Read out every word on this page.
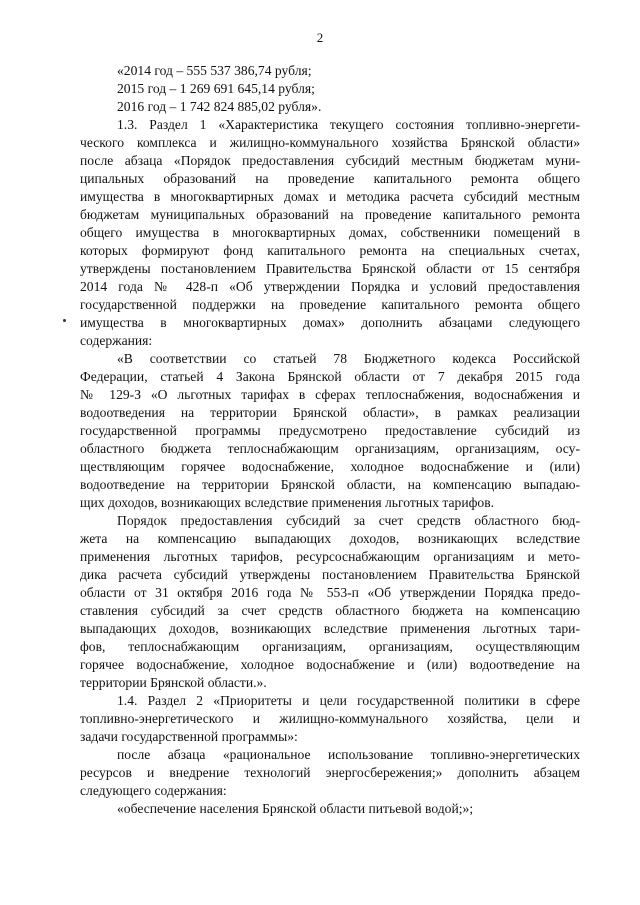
2
«2014 год – 555 537 386,74 рубля;
2015 год – 1 269 691 645,14 рубля;
2016 год – 1 742 824 885,02 рубля».
1.3. Раздел 1 «Характеристика текущего состояния топливно-энергети-
ческого комплекса и жилищно-коммунального хозяйства Брянской области»
после абзаца «Порядок предоставления субсидий местным бюджетам муни-
ципальных образований на проведение капитального ремонта общего
имущества в многоквартирных домах и методика расчета субсидий местным
бюджетам муниципальных образований на проведение капитального ремонта
общего имущества в многоквартирных домах, собственники помещений в
которых формируют фонд капитального ремонта на специальных счетах,
утверждены постановлением Правительства Брянской области от 15 сентября
2014 года № 428-п «Об утверждении Порядка и условий предоставления
государственной поддержки на проведение капитального ремонта общего
имущества в многоквартирных домах» дополнить абзацами следующего
содержания:
«В соответствии со статьей 78 Бюджетного кодекса Российской
Федерации, статьей 4 Закона Брянской области от 7 декабря 2015 года
№ 129-З «О льготных тарифах в сферах теплоснабжения, водоснабжения и
водоотведения на территории Брянской области», в рамках реализации
государственной программы предусмотрено предоставление субсидий из
областного бюджета теплоснабжающим организациям, организациям, осу-
ществляющим горячее водоснабжение, холодное водоснабжение и (или)
водоотведение на территории Брянской области, на компенсацию выпадаю-
щих доходов, возникающих вследствие применения льготных тарифов.
Порядок предоставления субсидий за счет средств областного бюд-
жета на компенсацию выпадающих доходов, возникающих вследствие
применения льготных тарифов, ресурсоснабжающим организациям и мето-
дика расчета субсидий утверждены постановлением Правительства Брянской
области от 31 октября 2016 года № 553-п «Об утверждении Порядка предо-
ставления субсидий за счет средств областного бюджета на компенсацию
выпадающих доходов, возникающих вследствие применения льготных тари-
фов, теплоснабжающим организациям, организациям, осуществляющим
горячее водоснабжение, холодное водоснабжение и (или) водоотведение на
территории Брянской области.».
1.4. Раздел 2 «Приоритеты и цели государственной политики в сфере
топливно-энергетического и жилищно-коммунального хозяйства, цели и
задачи государственной программы»:
после абзаца «рациональное использование топливно-энергетических
ресурсов и внедрение технологий энергосбережения;» дополнить абзацем
следующего содержания:
«обеспечение населения Брянской области питьевой водой;»;
